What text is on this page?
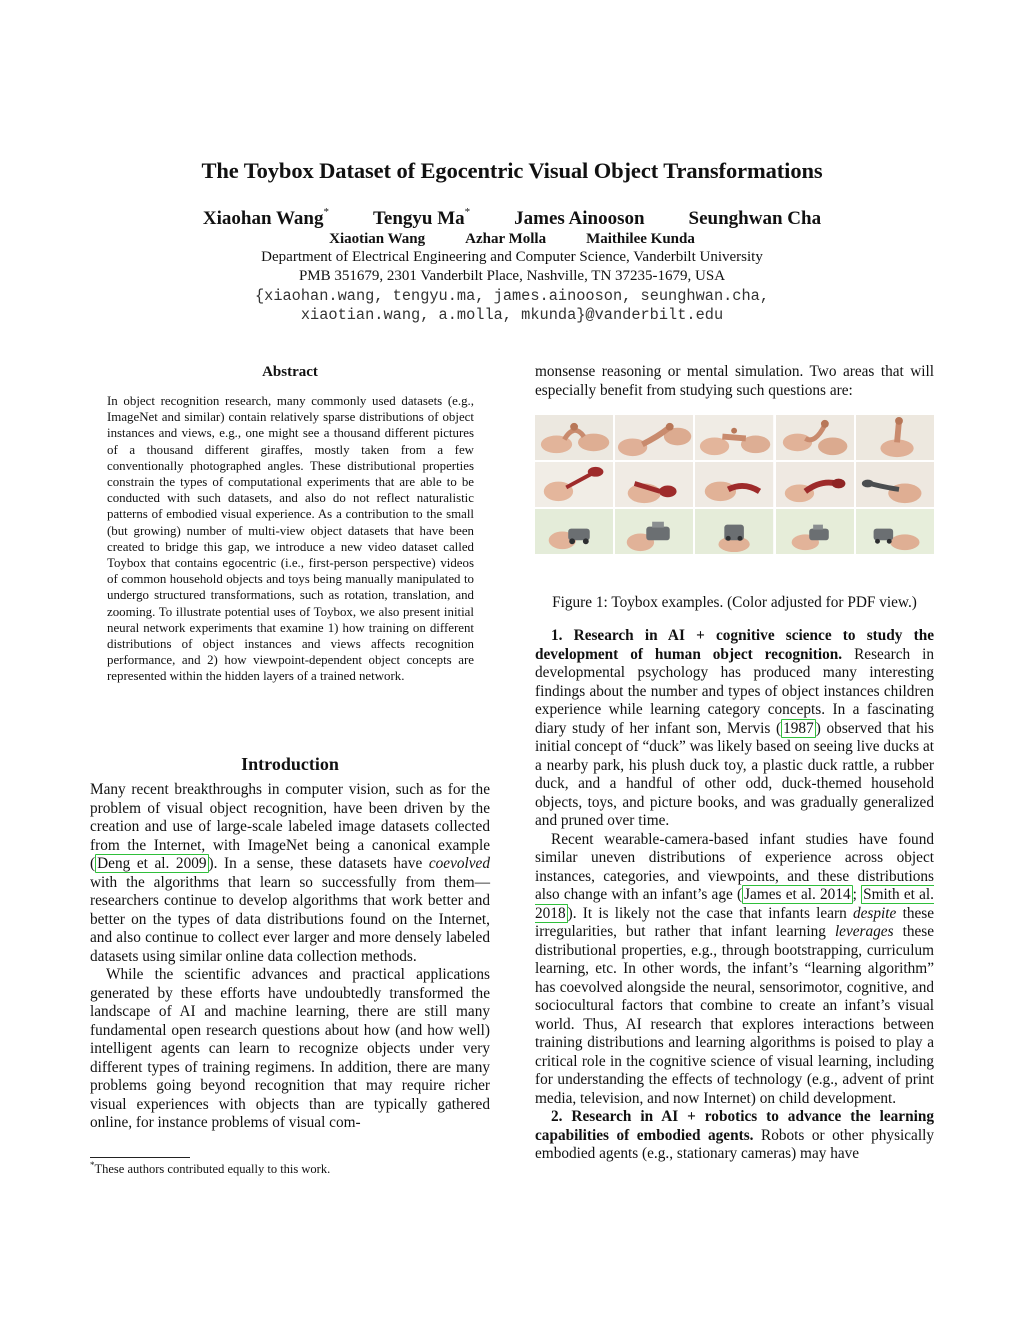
The Toybox Dataset of Egocentric Visual Object Transformations
Xiaohan Wang* Tengyu Ma* James Ainooson Seunghwan Cha
Xiaotian Wang	Azhar Molla	Maithilee Kunda
Department of Electrical Engineering and Computer Science, Vanderbilt University
PMB 351679, 2301 Vanderbilt Place, Nashville, TN 37235-1679, USA
{xiaohan.wang, tengyu.ma, james.ainooson, seunghwan.cha,
xiaotian.wang, a.molla, mkunda}@vanderbilt.edu
Abstract

In object recognition research, many commonly used datasets (e.g., ImageNet and similar) contain relatively sparse distributions of object instances and views, e.g., one might see a thousand different pictures of a thousand different giraffes, mostly taken from a few conventionally photographed angles. These distributional properties constrain the types of computational experiments that are able to be conducted with such datasets, and also do not reflect naturalistic patterns of embodied visual experience. As a contribution to the small (but growing) number of multi-view object datasets that have been created to bridge this gap, we introduce a new video dataset called Toybox that contains egocentric (i.e., first-person perspective) videos of common household objects and toys being manually manipulated to undergo structured transformations, such as rotation, translation, and zooming. To illustrate potential uses of Toybox, we also present initial neural network experiments that examine 1) how training on different distributions of object instances and views affects recognition performance, and 2) how viewpoint-dependent object concepts are represented within the hidden layers of a trained network.

Introduction

Many recent breakthroughs in computer vision, such as for the problem of visual object recognition, have been driven by the creation and use of large-scale labeled image datasets collected from the Internet, with ImageNet being a canonical example ( Deng et al. 2009 ). In a sense, these datasets have coevolved with the algorithms that learn so successfully from them—researchers continue to develop algorithms that work better and better on the types of data distributions found on the Internet, and also continue to collect ever larger and more densely labeled datasets using similar online data collection methods.

While the scientific advances and practical applications generated by these efforts have undoubtedly transformed the landscape of AI and machine learning, there are still many fundamental open research questions about how (and how well) intelligent agents can learn to recognize objects under very different types of training regimens. In addition, there are many problems going beyond recognition that may require richer visual experiences with objects than are typically gathered online, for instance problems of visual com-

*These authors contributed equally to this work.

monsense reasoning or mental simulation. Two areas that will especially benefit from studying such questions are:

Figure 1: Toybox examples. (Color adjusted for PDF view.)

1. Research in AI + cognitive science to study the development of human object recognition. Research in developmental psychology has produced many interesting findings about the number and types of object instances children experience while learning category concepts. In a fascinating diary study of her infant son, Mervis ( 1987 ) observed that his initial concept of “duck” was likely based on seeing live ducks at a nearby park, his plush duck toy, a plastic duck rattle, a rubber duck, and a handful of other odd, duck-themed household objects, toys, and picture books, and was gradually generalized and pruned over time.

Recent wearable-camera-based infant studies have found similar uneven distributions of experience across object instances, categories, and viewpoints, and these distributions also change with an infant’s age ( James et al. 2014 ; Smith et al. 2018 ). It is likely not the case that infants learn despite these irregularities, but rather that infant learning leverages these distributional properties, e.g., through bootstrapping, curriculum learning, etc. In other words, the infant’s “learning algorithm” has coevolved alongside the neural, sensorimotor, cognitive, and sociocultural factors that combine to create an infant’s visual world. Thus, AI research that explores interactions between training distributions and learning algorithms is poised to play a critical role in the cognitive science of visual learning, including for understanding the effects of technology (e.g., advent of print media, television, and now Internet) on child development.

2. Research in AI + robotics to advance the learning capabilities of embodied agents. Robots or other physically embodied agents (e.g., stationary cameras) may have
